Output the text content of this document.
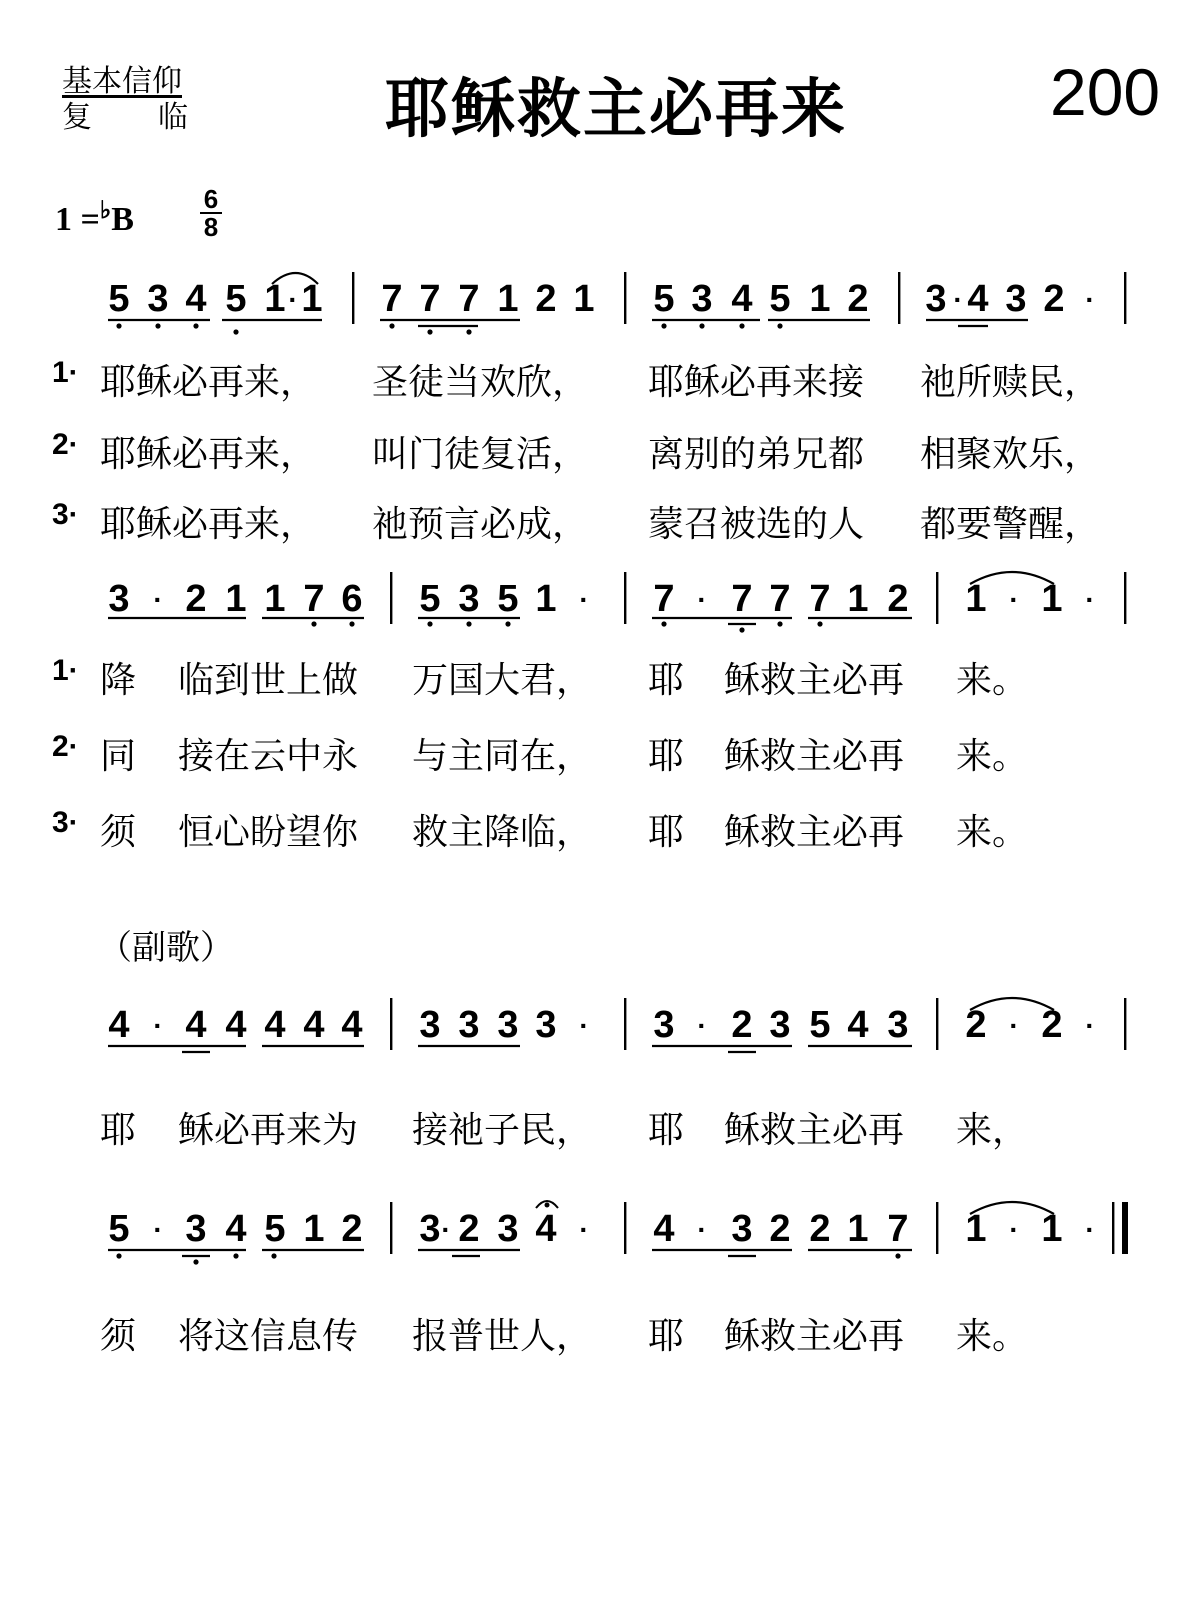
基本信仰
复 临	耶稣救主必再来	200
1 =♭B
6
8
5 3 4 5 1 · 1 7 7 7 1 2 1 5 3 4 5 1 2 3 · 4 3 2 ·
1· 耶稣必再来， 圣徒当欢欣， 耶稣必再来接 祂所赎民，
2· 耶稣必再来， 叫门徒复活， 离别的弟兄都 相聚欢乐，
3· 耶稣必再来， 祂预言必成， 蒙召被选的人 都要警醒，
3 · 2 1 1 7 6 5 3 5 1 · 7 · 7 7 7 1 2 1 · 1 ·
1· 降 临到世上做 万国大君， 耶 稣救主必再 来。
2· 同 接在云中永 与主同在， 耶 稣救主必再 来。
3· 须 恒心盼望你 救主降临， 耶 稣救主必再 来。
（副歌）
4 · 4 4 4 4 4 3 3 3 3 · 3 · 2 3 5 4 3 2 · 2 ·
耶 稣必再来为 接祂子民， 耶 稣救主必再 来，
5 · 3 4 5 1 2 3 · 2 3 4 · 4 · 3 2 2 1 7 1 · 1 ·
须 将这信息传 报普世人， 耶 稣救主必再 来。
